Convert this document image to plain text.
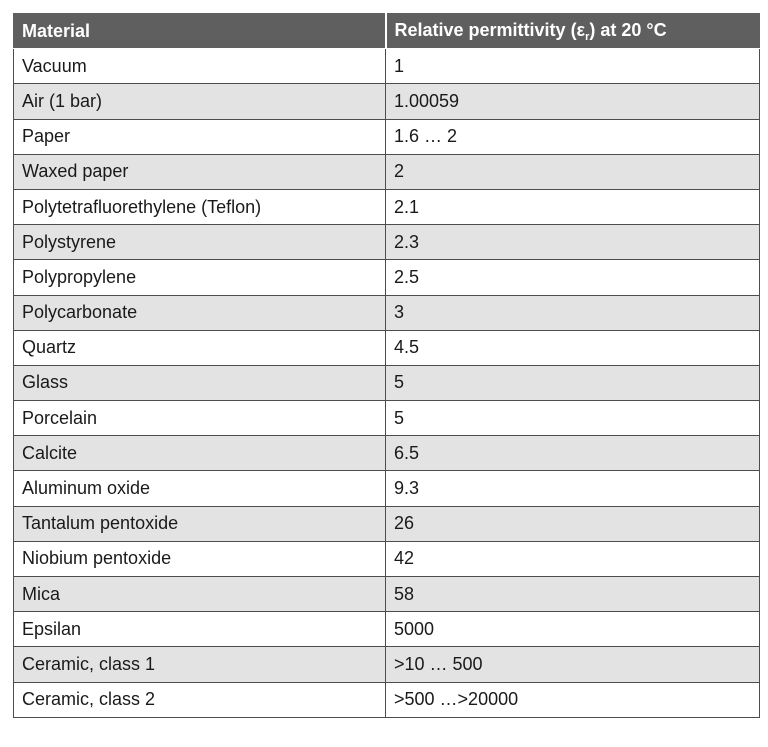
Material	Relative permittivity $(\varepsilon_r)$ at 20 °C
Vacuum	1
Air (1 bar)	1.00059
Paper	1.6 … 2
Waxed paper	2
Polytetrafluorethylene (Teflon)	2.1
Polystyrene	2.3
Polypropylene	2.5
Polycarbonate	3
Quartz	4.5
Glass	5
Porcelain	5
Calcite	6.5
Aluminum oxide	9.3
Tantalum pentoxide	26
Niobium pentoxide	42
Mica	58
Epsilan	5000
Ceramic, class 1	>10 … 500
Ceramic, class 2	>500 …>20000
